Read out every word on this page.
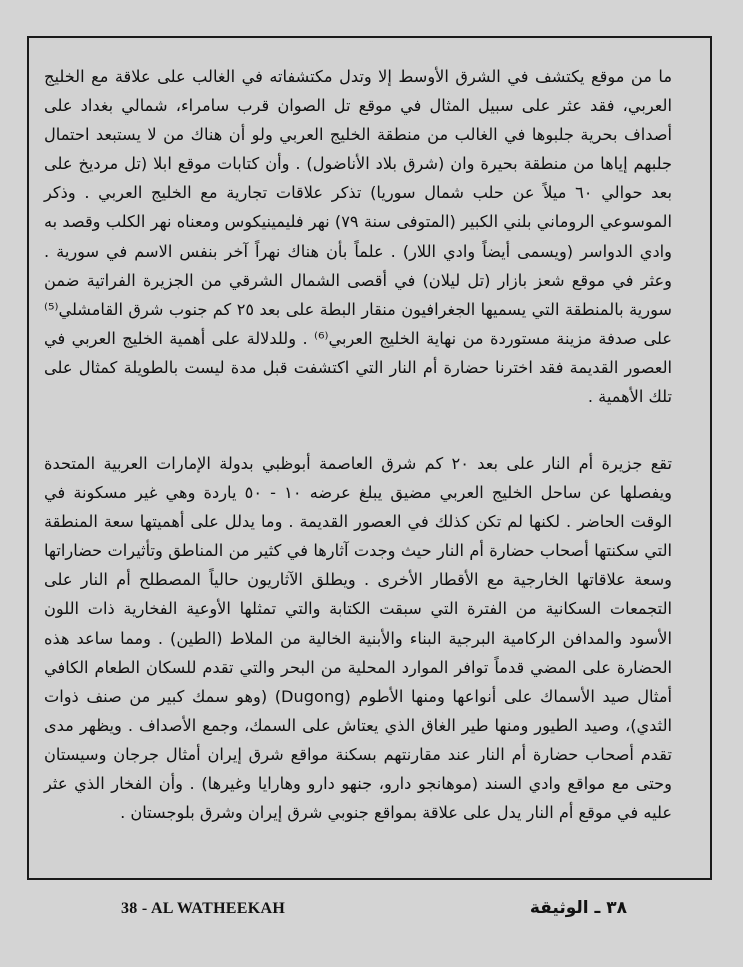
ما من موقع يكتشف في الشرق الأوسط إلا وتدل مكتشفاته في الغالب على علاقة مع الخليج العربي، فقد عثر على سبيل المثال في موقع تل الصوان قرب سامراء، شمالي بغداد على أصداف بحرية جلبوها في الغالب من منطقة الخليج العربي ولو أن هناك من لا يستبعد احتمال جلبهم إياها من منطقة بحيرة وان (شرق بلاد الأناضول) . وأن كتابات موقع ابلا (تل مرديخ على بعد حوالي ٦٠ ميلاً عن حلب شمال سوريا) تذكر علاقات تجارية مع الخليج العربي . وذكر الموسوعي الروماني بلني الكبير (المتوفى سنة ٧٩) نهر فليمينيكوس ومعناه نهر الكلب وقصد به وادي الدواسر (ويسمى أيضاً وادي اللار) . علماً بأن هناك نهراً آخر بنفس الاسم في سورية . وعثر في موقع شعز بازار (تل ليلان) في أقصى الشمال الشرقي من الجزيرة الفراتية ضمن سورية بالمنطقة التي يسميها الجغرافيون منقار البطة على بعد ٢٥ كم جنوب شرق القامشلي⁽⁵⁾ على صدفة مزينة مستوردة من نهاية الخليج العربي⁽⁶⁾ . وللدلالة على أهمية الخليج العربي في العصور القديمة فقد اخترنا حضارة أم النار التي اكتشفت قبل مدة ليست بالطويلة كمثال على تلك الأهمية .

تقع جزيرة أم النار على بعد ٢٠ كم شرق العاصمة أبوظبي بدولة الإمارات العربية المتحدة ويفصلها عن ساحل الخليج العربي مضيق يبلغ عرضه ١٠ - ٥٠ ياردة وهي غير مسكونة في الوقت الحاضر . لكنها لم تكن كذلك في العصور القديمة . وما يدلل على أهميتها سعة المنطقة التي سكنتها أصحاب حضارة أم النار حيث وجدت آثارها في كثير من المناطق وتأثيرات حضاراتها وسعة علاقاتها الخارجية مع الأقطار الأخرى . ويطلق الآثاريون حالياً المصطلح أم النار على التجمعات السكانية من الفترة التي سبقت الكتابة والتي تمثلها الأوعية الفخارية ذات اللون الأسود والمدافن الركامية البرجية البناء والأبنية الخالية من الملاط (الطين) . ومما ساعد هذه الحضارة على المضي قدماً توافر الموارد المحلية من البحر والتي تقدم للسكان الطعام الكافي أمثال صيد الأسماك على أنواعها ومنها الأطوم (Dugong) (وهو سمك كبير من صنف ذوات الثدي)، وصيد الطيور ومنها طير الغاق الذي يعتاش على السمك، وجمع الأصداف . ويظهر مدى تقدم أصحاب حضارة أم النار عند مقارنتهم بسكنة مواقع شرق إيران أمثال جرجان وسيستان وحتى مع مواقع وادي السند (موهانجو دارو، جنهو دارو وهارايا وغيرها) . وأن الفخار الذي عثر عليه في موقع أم النار يدل على علاقة بمواقع جنوبي شرق إيران وشرق بلوجستان .

38 - AL WATHEEKAH	٣٨ ـ الوثيقة
